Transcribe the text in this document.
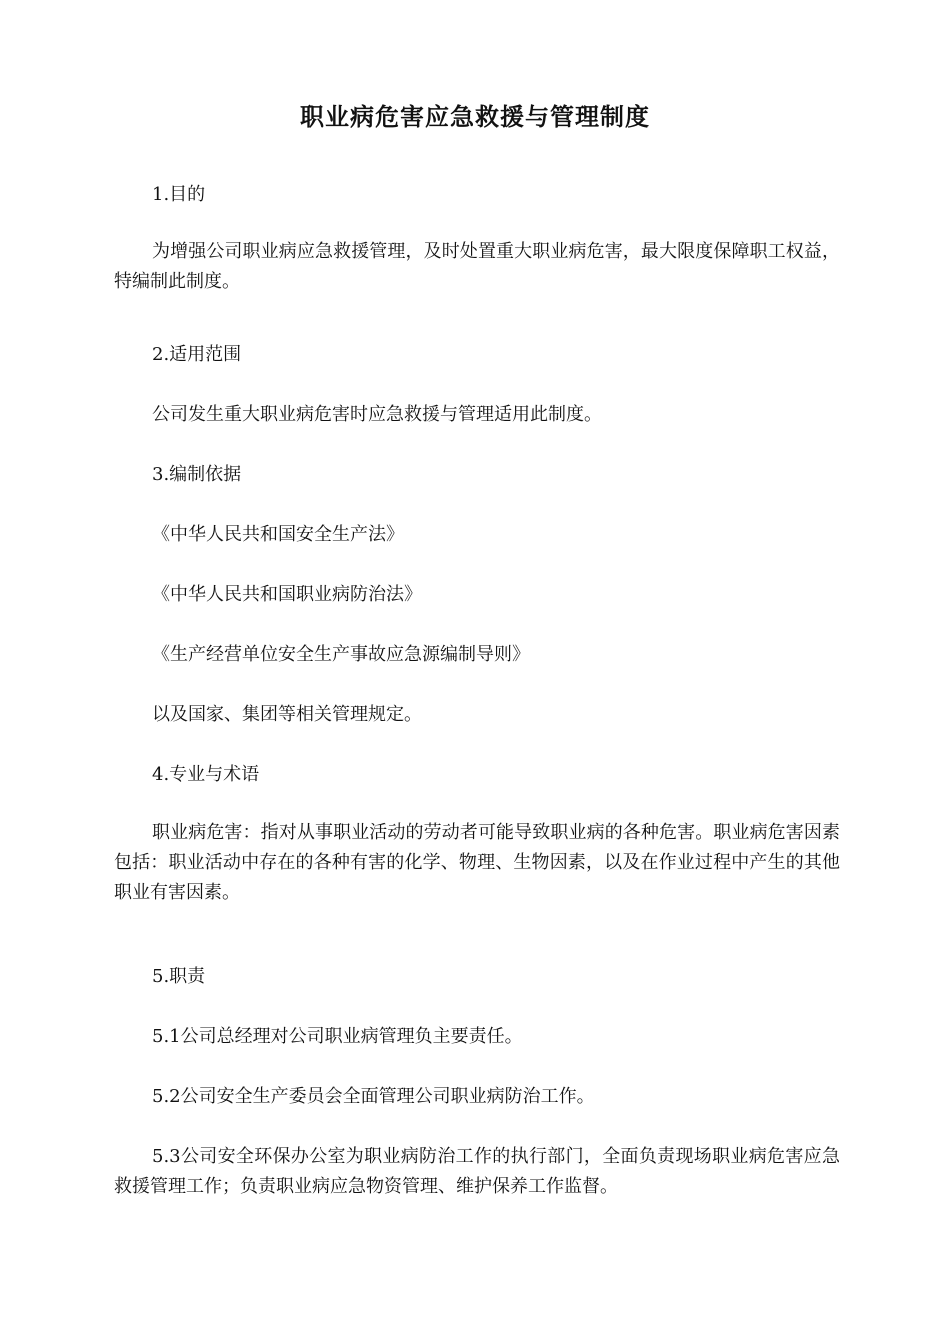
职业病危害应急救援与管理制度

1.目的

为增强公司职业病应急救援管理，及时处置重大职业病危害，最大限度保障职工权益，特编制此制度。

2.适用范围

公司发生重大职业病危害时应急救援与管理适用此制度。

3.编制依据

《中华人民共和国安全生产法》

《中华人民共和国职业病防治法》

《生产经营单位安全生产事故应急源编制导则》

以及国家、集团等相关管理规定。

4.专业与术语

职业病危害：指对从事职业活动的劳动者可能导致职业病的各种危害。职业病危害因素包括：职业活动中存在的各种有害的化学、物理、生物因素，以及在作业过程中产生的其他职业有害因素。

5.职责

5.1公司总经理对公司职业病管理负主要责任。

5.2公司安全生产委员会全面管理公司职业病防治工作。

5.3公司安全环保办公室为职业病防治工作的执行部门，全面负责现场职业病危害应急救援管理工作；负责职业病应急物资管理、维护保养工作监督。
